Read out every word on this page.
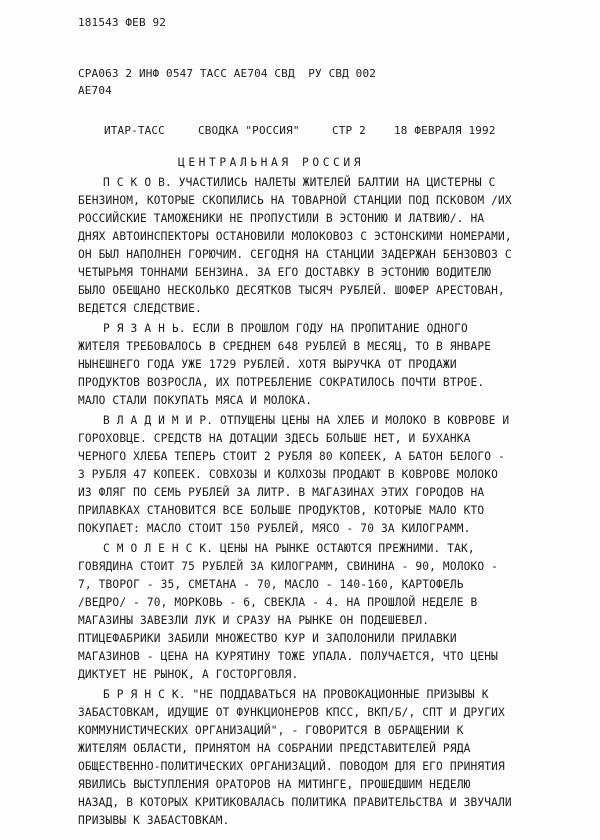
181543 ФЕВ 92
CPA063 2 ИНФ 0547 ТАСС AE704 СВД  РУ СВД 002
AE704
ИТАР-ТАСС	СВОДКА "РОССИЯ"	СТР 2	18 ФЕВРАЛЯ 1992
ЦЕНТРАЛЬНАЯ РОССИЯ
П С К О В. УЧАСТИЛИСЬ НАЛЕТЫ ЖИТЕЛЕЙ БАЛТИИ НА ЦИСТЕРНЫ С
БЕНЗИНОМ, КОТОРЫЕ СКОПИЛИСЬ НА ТОВАРНОЙ СТАНЦИИ ПОД ПСКОВОМ /ИХ
РОССИЙСКИЕ ТАМОЖЕНИКИ НЕ ПРОПУСТИЛИ В ЭСТОНИЮ И ЛАТВИЮ/. НА
ДНЯХ АВТОИНСПЕКТОРЫ ОСТАНОВИЛИ МОЛОКОВОЗ С ЭСТОНСКИМИ НОМЕРАМИ,
ОН БЫЛ НАПОЛНЕН ГОРЮЧИМ. СЕГОДНЯ НА СТАНЦИИ ЗАДЕРЖАН БЕНЗОВОЗ С
ЧЕТЫРЬМЯ ТОННАМИ БЕНЗИНА. ЗА ЕГО ДОСТАВКУ В ЭСТОНИЮ ВОДИТЕЛЮ
БЫЛО ОБЕЩАНО НЕСКОЛЬКО ДЕСЯТКОВ ТЫСЯЧ РУБЛЕЙ. ШОФЕР АРЕСТОВАН,
ВЕДЕТСЯ СЛЕДСТВИЕ.
Р Я З А Н Ь. ЕСЛИ В ПРОШЛОМ ГОДУ НА ПРОПИТАНИЕ ОДНОГО
ЖИТЕЛЯ ТРЕБОВАЛОСЬ В СРЕДНЕМ 648 РУБЛЕЙ В МЕСЯЦ, ТО В ЯНВАРЕ
НЫНЕШНЕГО ГОДА УЖЕ 1729 РУБЛЕЙ. ХОТЯ ВЫРУЧКА ОТ ПРОДАЖИ
ПРОДУКТОВ ВОЗРОСЛА, ИХ ПОТРЕБЛЕНИЕ СОКРАТИЛОСЬ ПОЧТИ ВТРОЕ.
МАЛО СТАЛИ ПОКУПАТЬ МЯСА И МОЛОКА.
В Л А Д И М И Р. ОТПУЩЕНЫ ЦЕНЫ НА ХЛЕБ И МОЛОКО В КОВРОВЕ И
ГОРОХОВЦЕ. СРЕДСТВ НА ДОТАЦИИ ЗДЕСЬ БОЛЬШЕ НЕТ, И БУХАНКА
ЧЕРНОГО ХЛЕБА ТЕПЕРЬ СТОИТ 2 РУБЛЯ 80 КОПЕЕК, А БАТОН БЕЛОГО -
3 РУБЛЯ 47 КОПЕЕК. СОВХОЗЫ И КОЛХОЗЫ ПРОДАЮТ В КОВРОВЕ МОЛОКО
ИЗ ФЛЯГ ПО СЕМЬ РУБЛЕЙ ЗА ЛИТР. В МАГАЗИНАХ ЭТИХ ГОРОДОВ НА
ПРИЛАВКАХ СТАНОВИТСЯ ВСЕ БОЛЬШЕ ПРОДУКТОВ, КОТОРЫЕ МАЛО КТО
ПОКУПАЕТ: МАСЛО СТОИТ 150 РУБЛЕЙ, МЯСО - 70 ЗА КИЛОГРАММ.
С М О Л Е Н С К. ЦЕНЫ НА РЫНКЕ ОСТАЮТСЯ ПРЕЖНИМИ. ТАК,
ГОВЯДИНА СТОИТ 75 РУБЛЕЙ ЗА КИЛОГРАММ, СВИНИНА - 90, МОЛОКО -
7, ТВОРОГ - 35, СМЕТАНА - 70, МАСЛО - 140-160, КАРТОФЕЛЬ
/ВЕДРО/ - 70, МОРКОВЬ - 6, СВЕКЛА - 4. НА ПРОШЛОЙ НЕДЕЛЕ В
МАГАЗИНЫ ЗАВЕЗЛИ ЛУК И СРАЗУ НА РЫНКЕ ОН ПОДЕШЕВЕЛ.
ПТИЦЕФАБРИКИ ЗАБИЛИ МНОЖЕСТВО КУР И ЗАПОЛОНИЛИ ПРИЛАВКИ
МАГАЗИНОВ - ЦЕНА НА КУРЯТИНУ ТОЖЕ УПАЛА. ПОЛУЧАЕТСЯ, ЧТО ЦЕНЫ
ДИКТУЕТ НЕ РЫНОК, А ГОСТОРГОВЛЯ.
Б Р Я Н С К. "НЕ ПОДДАВАТЬСЯ НА ПРОВОКАЦИОННЫЕ ПРИЗЫВЫ К
ЗАБАСТОВКАМ, ИДУЩИЕ ОТ ФУНКЦИОНЕРОВ КПСС, ВКП/Б/, СПТ И ДРУГИХ
КОММУНИСТИЧЕСКИХ ОРГАНИЗАЦИЙ", - ГОВОРИТСЯ В ОБРАЩЕНИИ К
ЖИТЕЛЯМ ОБЛАСТИ, ПРИНЯТОМ НА СОБРАНИИ ПРЕДСТАВИТЕЛЕЙ РЯДА
ОБЩЕСТВЕННО-ПОЛИТИЧЕСКИХ ОРГАНИЗАЦИЙ. ПОВОДОМ ДЛЯ ЕГО ПРИНЯТИЯ
ЯВИЛИСЬ ВЫСТУПЛЕНИЯ ОРАТОРОВ НА МИТИНГЕ, ПРОШЕДШИМ НЕДЕЛЮ
НАЗАД, В КОТОРЫХ КРИТИКОВАЛАСЬ ПОЛИТИКА ПРАВИТЕЛЬСТВА И ЗВУЧАЛИ
ПРИЗЫВЫ К ЗАБАСТОВКАМ.
